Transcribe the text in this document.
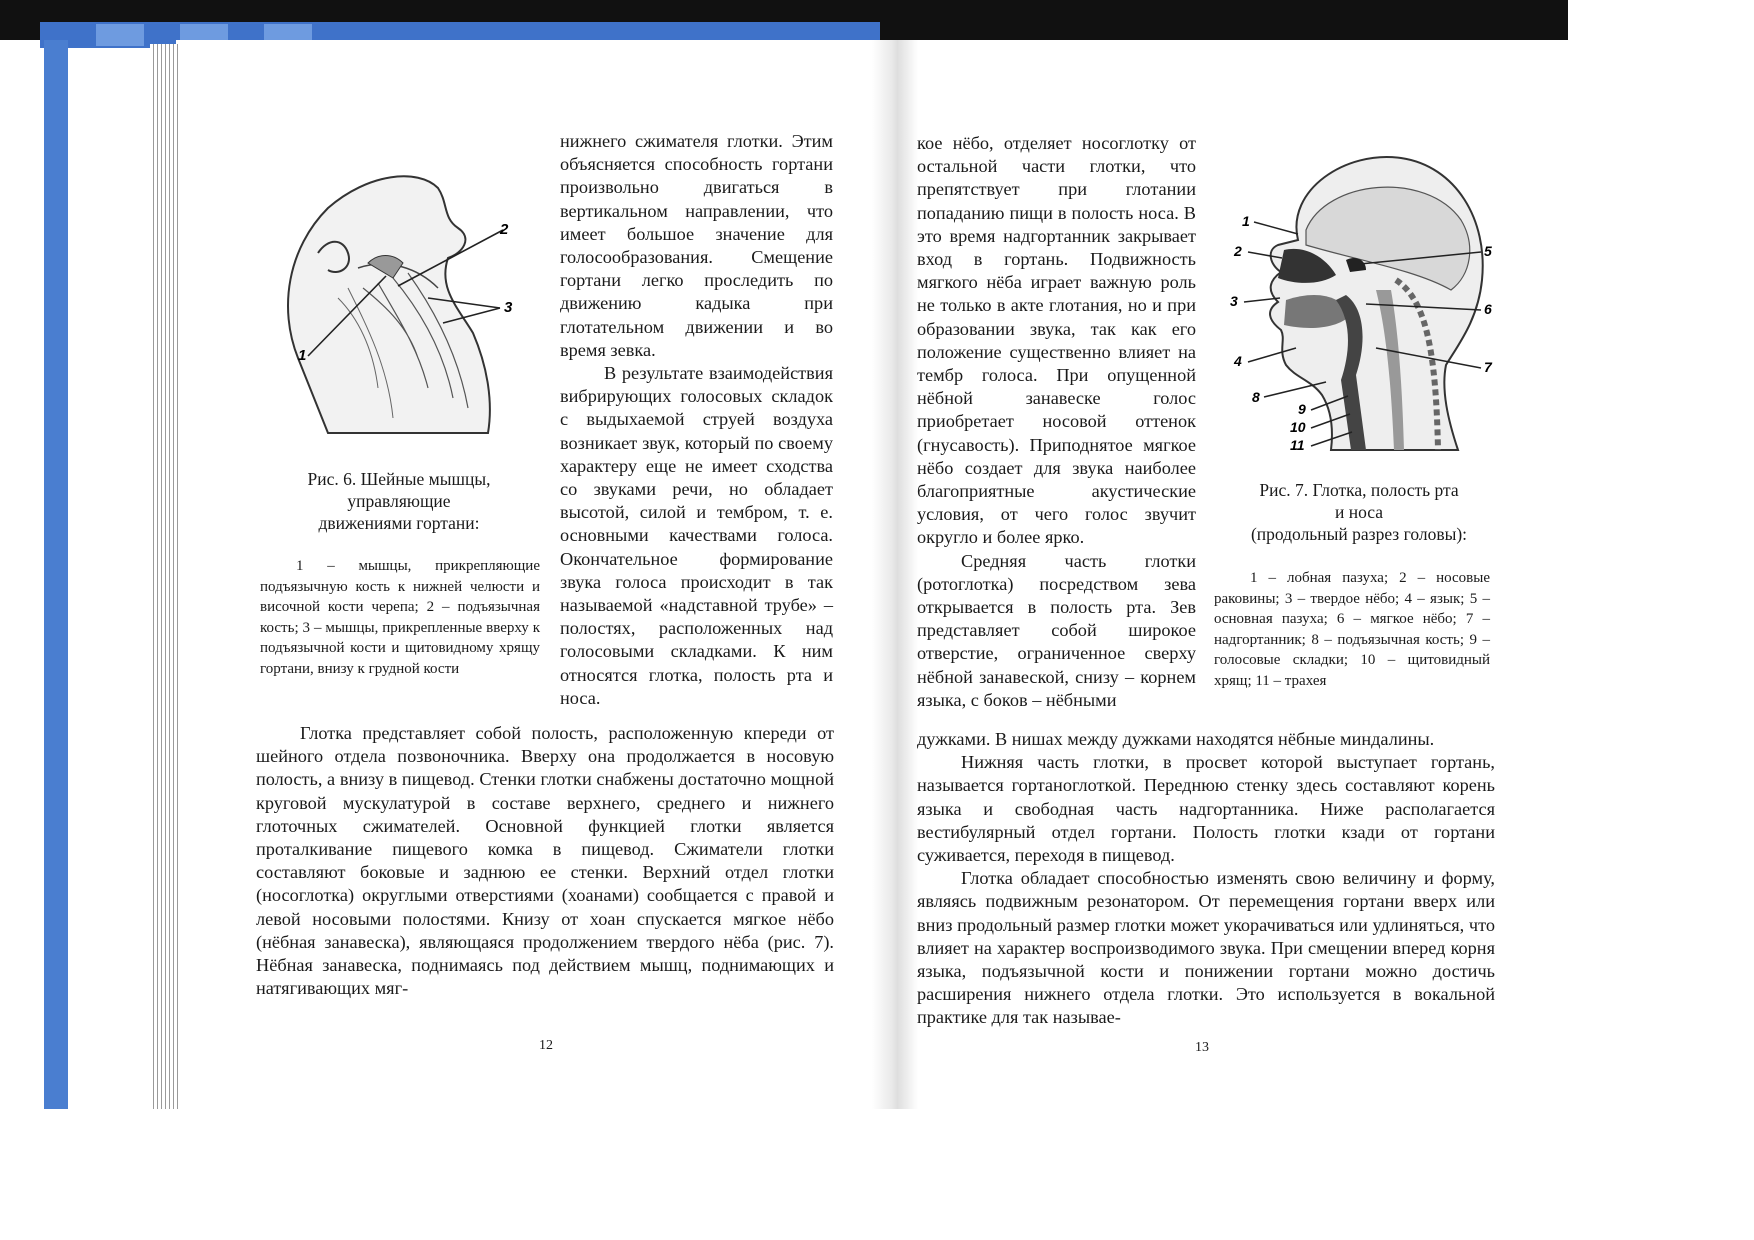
1
2
3
Рис. 6. Шейные мышцы,
управляющие
движениями гортани:

1 – мышцы, прикрепляющие подъязычную кость к нижней челюсти и височной кости черепа; 2 – подъязычная кость; 3 – мышцы, прикрепленные вверху к подъязычной кости и щитовидному хрящу гортани, внизу к грудной кости

нижнего сжимателя глотки. Этим объясняется способность гортани произвольно двигаться в вертикальном направлении, что имеет большое значение для голосообразования. Смещение гортани легко проследить по движению кадыка при глотательном движении и во время зевка.

В результате взаимодействия вибрирующих голосовых складок с выдыхаемой струей воздуха возникает звук, который по своему характеру еще не имеет сходства со звуками речи, но обладает высотой, силой и тембром, т. е. основными качествами голоса. Окончательное формирование звука голоса происходит в так называемой «надставной трубе» – полостях, расположенных над голосовыми складками. К ним относятся глотка, полость рта и носа.

Глотка представляет собой полость, расположенную кпереди от шейного отдела позвоночника. Вверху она продолжается в носовую полость, а внизу в пищевод. Стенки глотки снабжены достаточно мощной круговой мускулатурой в составе верхнего, среднего и нижнего глоточных сжимателей. Основной функцией глотки является проталкивание пищевого комка в пищевод. Сжиматели глотки составляют боковые и заднюю ее стенки. Верхний отдел глотки (носоглотка) округлыми отверстиями (хоанами) сообщается с правой и левой носовыми полостями. Книзу от хоан спускается мягкое нёбо (нёбная занавеска), являющаяся продолжением твердого нёба (рис. 7). Нёбная занавеска, поднимаясь под действием мышц, поднимающих и натягивающих мяг-

12

кое нёбо, отделяет носоглотку от остальной части глотки, что препятствует при глотании попаданию пищи в полость носа. В это время надгортанник закрывает вход в гортань. Подвижность мягкого нёба играет важную роль не только в акте глотания, но и при образовании звука, так как его положение существенно влияет на тембр голоса. При опущенной нёбной занавеске голос приобретает носовой оттенок (гнусавость). Приподнятое мягкое нёбо создает для звука наиболее благоприятные акустические условия, от чего голос звучит округло и более ярко.

Средняя часть глотки (ротоглотка) посредством зева открывается в полость рта. Зев представляет собой широкое отверстие, ограниченное сверху нёбной занавеской, снизу – корнем языка, с боков – нёбными

1
2
3
4
5
6
7
8
9
10
11
Рис. 7. Глотка, полость рта
и носа
(продольный разрез головы):

1 – лобная пазуха; 2 – носовые раковины; 3 – твердое нёбо; 4 – язык; 5 – основная пазуха; 6 – мягкое нёбо; 7 – надгортанник; 8 – подъязычная кость; 9 – голосовые складки; 10 – щитовидный хрящ; 11 – трахея

дужками. В нишах между дужками находятся нёбные миндалины.

Нижняя часть глотки, в просвет которой выступает гортань, называется гортаноглоткой. Переднюю стенку здесь составляют корень языка и свободная часть надгортанника. Ниже располагается вестибулярный отдел гортани. Полость глотки кзади от гортани суживается, переходя в пищевод.

Глотка обладает способностью изменять свою величину и форму, являясь подвижным резонатором. От перемещения гортани вверх или вниз продольный размер глотки может укорачиваться или удлиняться, что влияет на характер воспроизводимого звука. При смещении вперед корня языка, подъязычной кости и понижении гортани можно достичь расширения нижнего отдела глотки. Это используется в вокальной практике для так называе-

13
